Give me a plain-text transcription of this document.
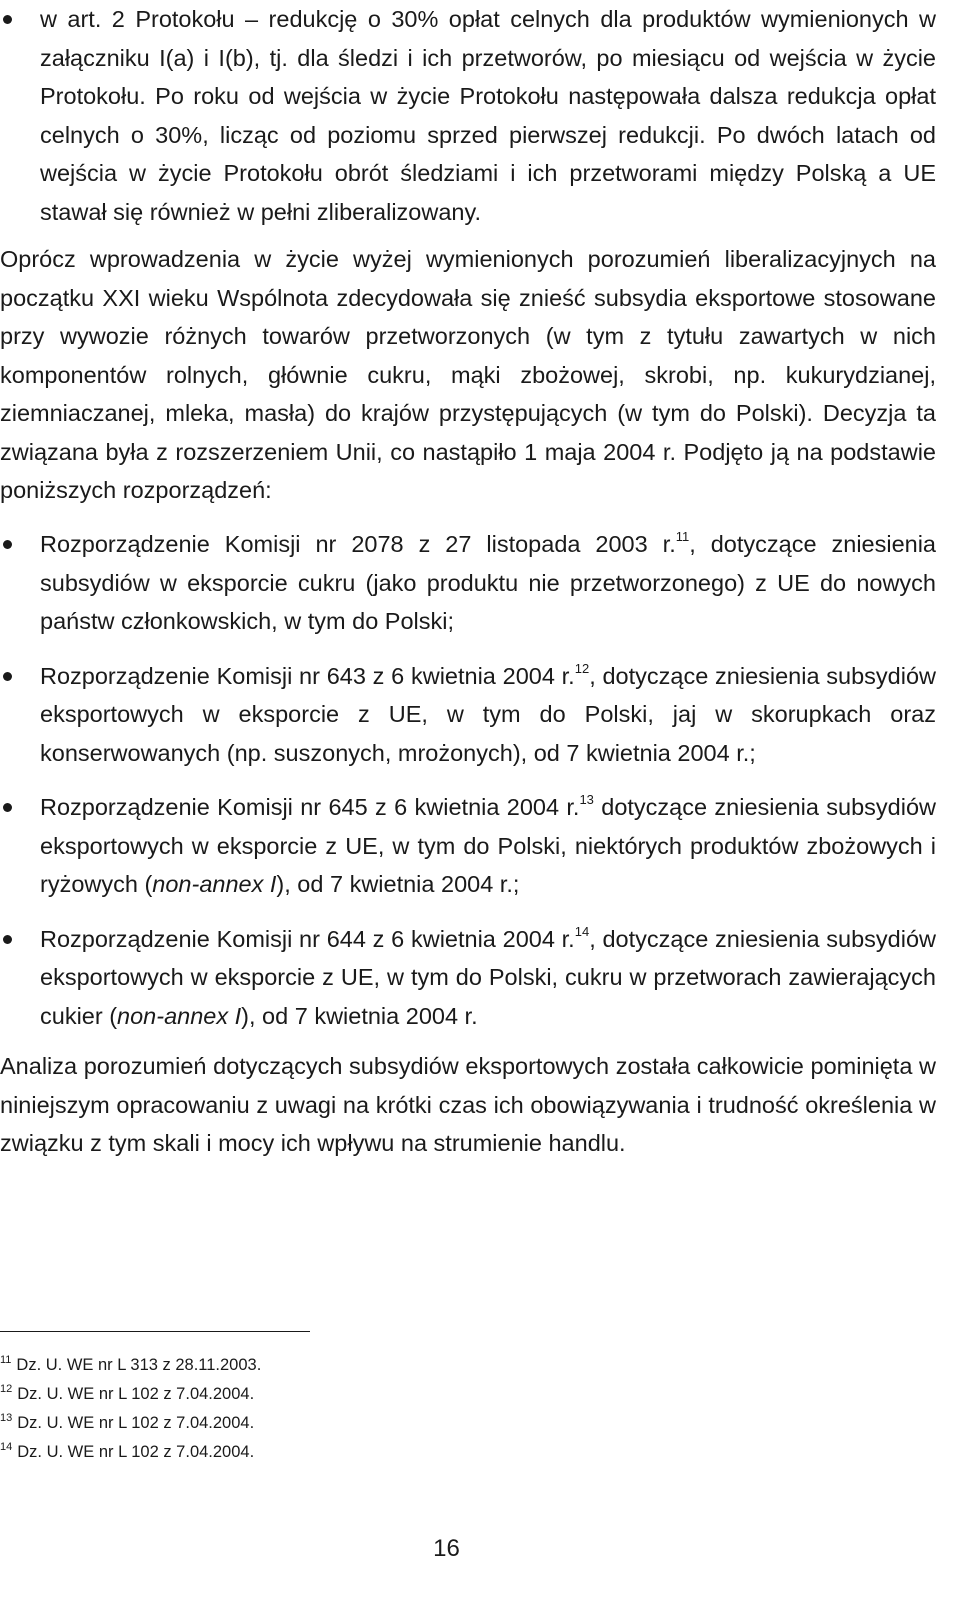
w art. 2 Protokołu – redukcję o 30% opłat celnych dla produktów wymienionych w załączniku I(a) i I(b), tj. dla śledzi i ich przetworów, po miesiącu od wejścia w życie Protokołu. Po roku od wejścia w życie Protokołu następowała dalsza redukcja opłat celnych o 30%, licząc od poziomu sprzed pierwszej redukcji. Po dwóch latach od wejścia w życie Protokołu obrót śledziami i ich przetworami między Polską a UE stawał się również w pełni zliberalizowany.

Oprócz wprowadzenia w życie wyżej wymienionych porozumień liberalizacyjnych na początku XXI wieku Wspólnota zdecydowała się znieść subsydia eksportowe stosowane przy wywozie różnych towarów przetworzonych (w tym z tytułu zawartych w nich komponentów rolnych, głównie cukru, mąki zbożowej, skrobi, np. kukurydzianej, ziemniaczanej, mleka, masła) do krajów przystępujących (w tym do Polski). Decyzja ta związana była z rozszerzeniem Unii, co nastąpiło 1 maja 2004 r. Podjęto ją na podstawie poniższych rozporządzeń:

Rozporządzenie Komisji nr 2078 z 27 listopada 2003 r.$^{11}$, dotyczące zniesienia subsydiów w eksporcie cukru (jako produktu nie przetworzonego) z UE do nowych państw członkowskich, w tym do Polski;
Rozporządzenie Komisji nr 643 z 6 kwietnia 2004 r.$^{12}$, dotyczące zniesienia subsydiów eksportowych w eksporcie z UE, w tym do Polski, jaj w skorupkach oraz konserwowanych (np. suszonych, mrożonych), od 7 kwietnia 2004 r.;
Rozporządzenie Komisji nr 645 z 6 kwietnia 2004 r.$^{13}$ dotyczące zniesienia subsydiów eksportowych w eksporcie z UE, w tym do Polski, niektórych produktów zbożowych i ryżowych (non-annex I), od 7 kwietnia 2004 r.;
Rozporządzenie Komisji nr 644 z 6 kwietnia 2004 r.$^{14}$, dotyczące zniesienia subsydiów eksportowych w eksporcie z UE, w tym do Polski, cukru w przetworach zawierających cukier (non-annex I), od 7 kwietnia 2004 r.

Analiza porozumień dotyczących subsydiów eksportowych została całkowicie pominięta w niniejszym opracowaniu z uwagi na krótki czas ich obowiązywania i trudność określenia w związku z tym skali i mocy ich wpływu na strumienie handlu.

$^{11}$ Dz. U. WE nr L 313 z 28.11.2003.

$^{12}$ Dz. U. WE nr L 102 z 7.04.2004.

$^{13}$ Dz. U. WE nr L 102 z 7.04.2004.

$^{14}$ Dz. U. WE nr L 102 z 7.04.2004.

16
